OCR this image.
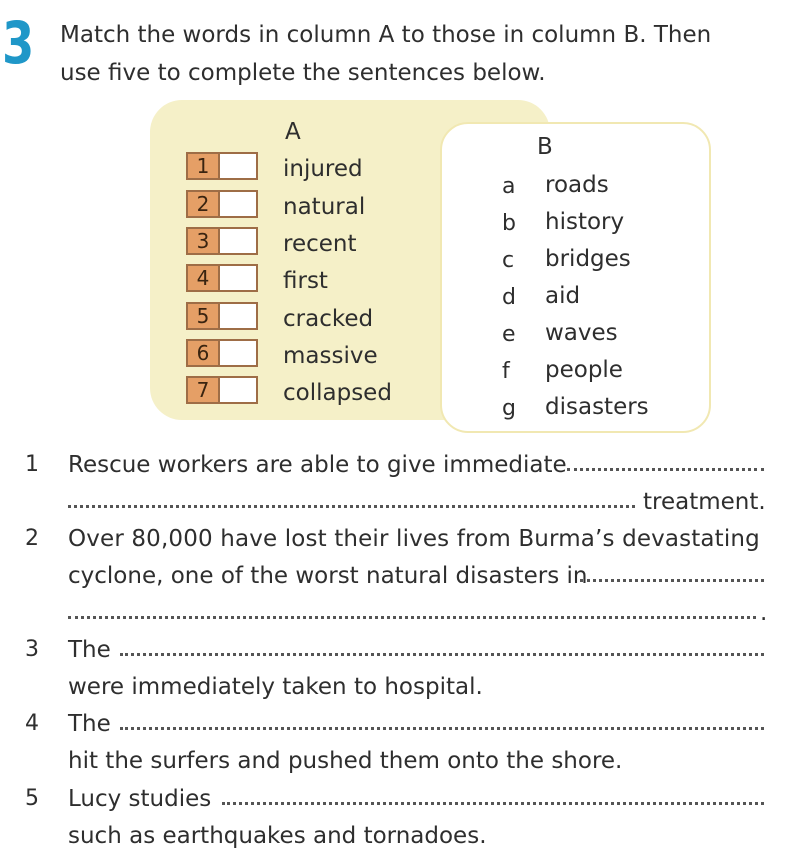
3 Match the words in column A to those in column B. Then
use five to complete the sentences below.
A
B
1	injured
2	natural
3	recent
4	first
5	cracked
6	massive
7	collapsed
a roads
b history
c bridges
d aid
e waves
f people
g disasters
1 Rescue workers are able to give immediate
treatment.
2 Over 80,000 have lost their lives from Burma’s devastating
cyclone, one of the worst natural disasters in
.
3 The
were immediately taken to hospital.
4 The
hit the surfers and pushed them onto the shore.
5 Lucy studies
such as earthquakes and tornadoes.
